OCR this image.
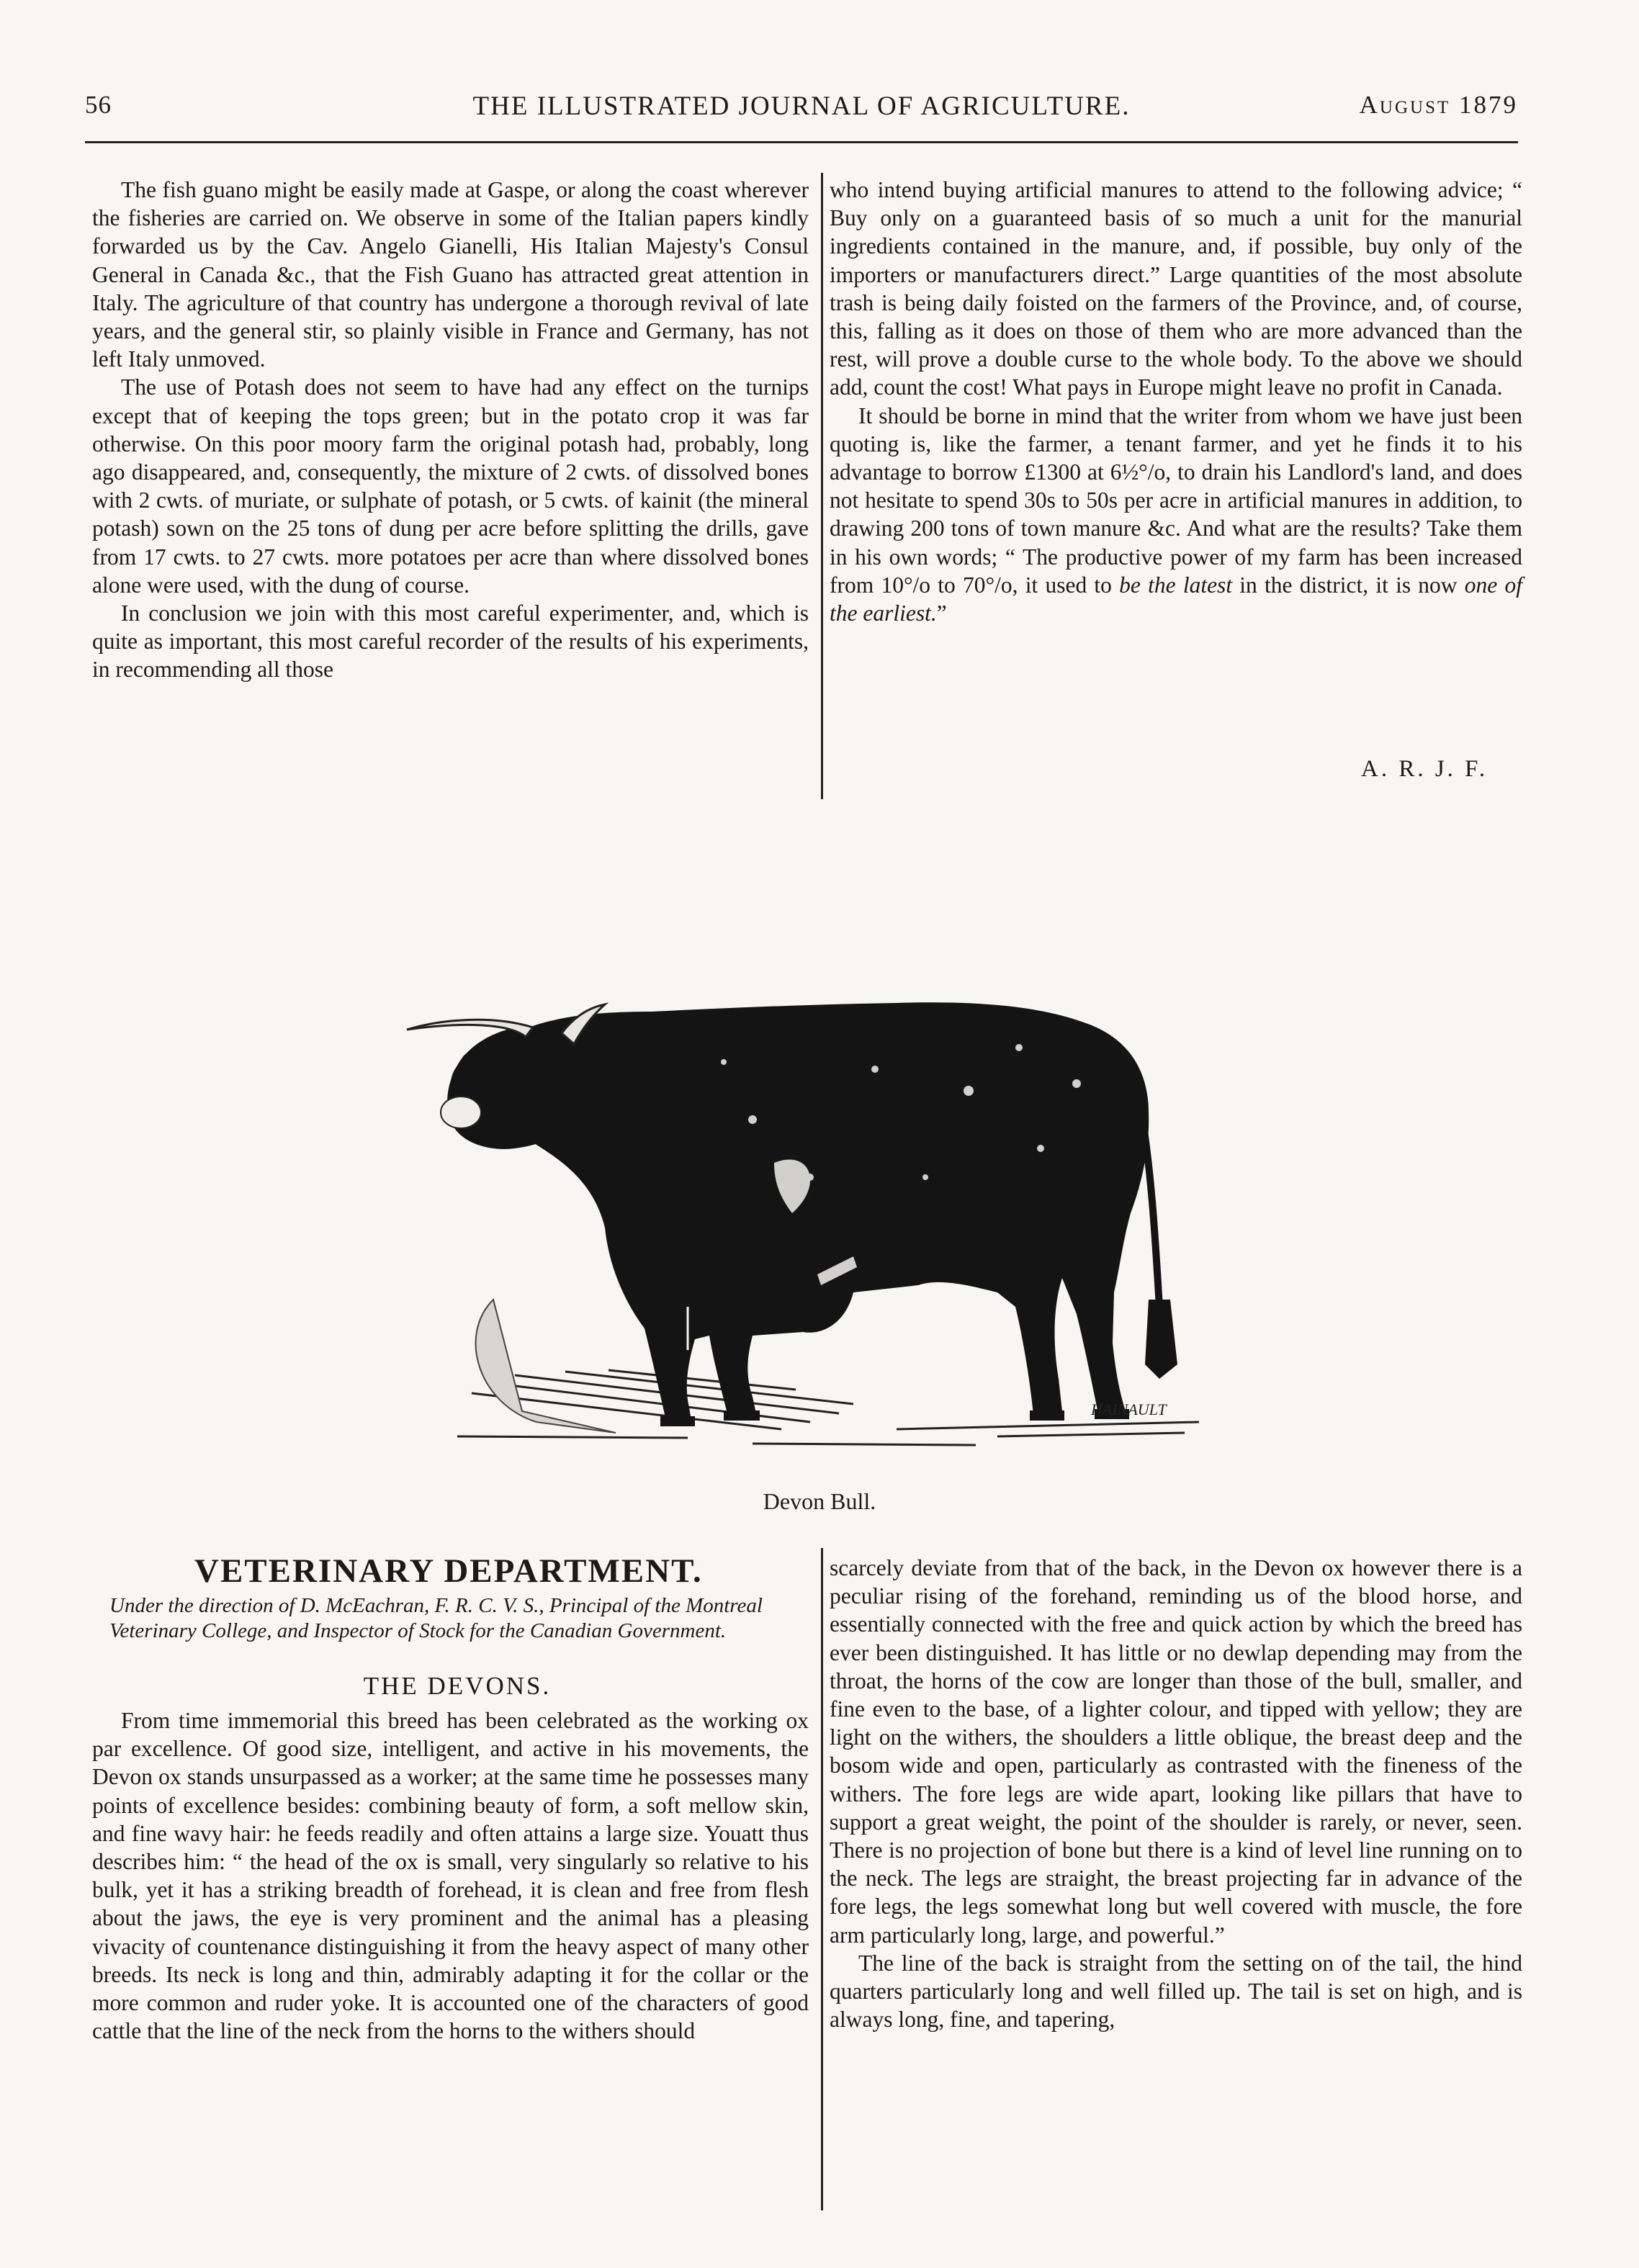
56	THE ILLUSTRATED JOURNAL OF AGRICULTURE.	August 1879

The fish guano might be easily made at Gaspe, or along the coast wherever the fisheries are carried on. We observe in some of the Italian papers kindly forwarded us by the Cav. Angelo Gianelli, His Italian Majesty's Consul General in Canada &c., that the Fish Guano has attracted great attention in Italy. The agriculture of that country has undergone a thorough revival of late years, and the general stir, so plainly visible in France and Germany, has not left Italy unmoved.

The use of Potash does not seem to have had any effect on the turnips except that of keeping the tops green; but in the potato crop it was far otherwise. On this poor moory farm the original potash had, probably, long ago disappeared, and, consequently, the mixture of 2 cwts. of dissolved bones with 2 cwts. of muriate, or sulphate of potash, or 5 cwts. of kainit (the mineral potash) sown on the 25 tons of dung per acre before splitting the drills, gave from 17 cwts. to 27 cwts. more potatoes per acre than where dissolved bones alone were used, with the dung of course.

In conclusion we join with this most careful experimenter, and, which is quite as important, this most careful recorder of the results of his experiments, in recommending all those

who intend buying artificial manures to attend to the following advice; “ Buy only on a guaranteed basis of so much a unit for the manurial ingredients contained in the manure, and, if possible, buy only of the importers or manufacturers direct.” Large quantities of the most absolute trash is being daily foisted on the farmers of the Province, and, of course, this, falling as it does on those of them who are more advanced than the rest, will prove a double curse to the whole body. To the above we should add, count the cost! What pays in Europe might leave no profit in Canada.

It should be borne in mind that the writer from whom we have just been quoting is, like the farmer, a tenant farmer, and yet he finds it to his advantage to borrow £1300 at 6½°/o, to drain his Landlord's land, and does not hesitate to spend 30s to 50s per acre in artificial manures in addition, to drawing 200 tons of town manure &c. And what are the results? Take them in his own words; “ The productive power of my farm has been increased from 10°/o to 70°/o, it used to be the latest in the district, it is now one of the earliest.”

A. R. J. F.
HAINAULT
Devon Bull.
VETERINARY DEPARTMENT.
Under the direction of D. McEachran, F. R. C. V. S., Principal of the Montreal Veterinary College, and Inspector of Stock for the Canadian Government.
THE DEVONS.

From time immemorial this breed has been celebrated as the working ox par excellence. Of good size, intelligent, and active in his movements, the Devon ox stands unsurpassed as a worker; at the same time he possesses many points of excellence besides: combining beauty of form, a soft mellow skin, and fine wavy hair: he feeds readily and often attains a large size. Youatt thus describes him: “ the head of the ox is small, very singularly so relative to his bulk, yet it has a striking breadth of forehead, it is clean and free from flesh about the jaws, the eye is very prominent and the animal has a pleasing vivacity of countenance distinguishing it from the heavy aspect of many other breeds. Its neck is long and thin, admirably adapting it for the collar or the more common and ruder yoke. It is accounted one of the characters of good cattle that the line of the neck from the horns to the withers should

scarcely deviate from that of the back, in the Devon ox however there is a peculiar rising of the forehand, reminding us of the blood horse, and essentially connected with the free and quick action by which the breed has ever been distinguished. It has little or no dewlap depending may from the throat, the horns of the cow are longer than those of the bull, smaller, and fine even to the base, of a lighter colour, and tipped with yellow; they are light on the withers, the shoulders a little oblique, the breast deep and the bosom wide and open, particularly as contrasted with the fineness of the withers. The fore legs are wide apart, looking like pillars that have to support a great weight, the point of the shoulder is rarely, or never, seen. There is no projection of bone but there is a kind of level line running on to the neck. The legs are straight, the breast projecting far in advance of the fore legs, the legs somewhat long but well covered with muscle, the fore arm particularly long, large, and powerful.”

The line of the back is straight from the setting on of the tail, the hind quarters particularly long and well filled up. The tail is set on high, and is always long, fine, and tapering,
